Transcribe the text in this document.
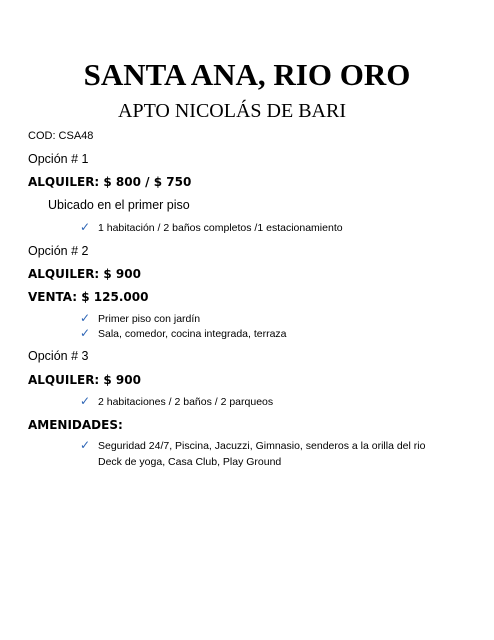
SANTA ANA, RIO ORO
APTO NICOLÁS DE BARI
COD: CSA48
Opción # 1
ALQUILER: $ 800 / $ 750
Ubicado en el primer piso
✓ 1 habitación / 2 baños completos /1 estacionamiento
Opción # 2
ALQUILER: $ 900
VENTA: $ 125.000
✓ Primer piso con jardín
✓ Sala, comedor, cocina integrada, terraza
Opción # 3
ALQUILER: $ 900
✓ 2 habitaciones / 2 baños / 2 parqueos
AMENIDADES:
✓ Seguridad 24/7, Piscina, Jacuzzi, Gimnasio, senderos a la orilla del rio
Deck de yoga, Casa Club, Play Ground
